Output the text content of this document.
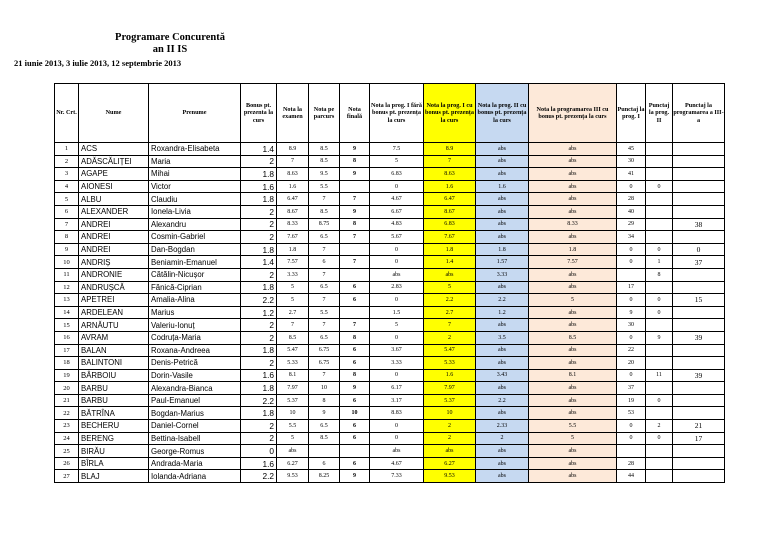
Programare Concurentă
an II IS
21 iunie 2013, 3 iulie 2013, 12 septembrie 2013
Nr. Crt.	Nume	Prenume	Bonus pt. prezenta la curs	Nota la examen	Nota pe parcurs	Nota finală	Nota la prog. I fără bonus pt. prezența la curs	Nota la prog. I cu bonus pt. prezența la curs	Nota la prog. II cu bonus pt. prezența la curs	Nota la programarea III cu bonus pt. prezența la curs	Punctaj la prog. I	Punctaj la prog. II	Punctaj la programarea a III-a
1	ACS	Roxandra-Elisabeta	1.4	8.9	8.5	9	7.5	8.9	abs	abs	45		
2	ADĂSCĂLIȚEI	Maria	2	7	8.5	8	5	7	abs	abs	30		
3	AGAPE	Mihai	1.8	8.63	9.5	9	6.83	8.63	abs	abs	41		
4	AIONESI	Victor	1.6	1.6	5.5		0	1.6	1.6	abs	0	0	
5	ALBU	Claudiu	1.8	6.47	7	7	4.67	6.47	abs	abs	28		
6	ALEXANDER	Ionela-Livia	2	8.67	8.5	9	6.67	8.67	abs	abs	40		
7	ANDREI	Alexandru	2	8.33	8.75	8	4.83	6.83	abs	8.33	29		38
8	ANDREI	Cosmin-Gabriel	2	7.67	6.5	7	5.67	7.67	abs	abs	34		
9	ANDREI	Dan-Bogdan	1.8	1.8	7		0	1.8	1.8	1.8	0	0	0
10	ANDRIȘ	Beniamin-Emanuel	1.4	7.57	6	7	0	1.4	1.57	7.57	0	1	37
11	ANDRONIE	Cătălin-Nicușor	2	3.33	7		abs	abs	3.33	abs		8	
12	ANDRUȘCĂ	Fănică-Ciprian	1.8	5	6.5	6	2.83	5	abs	abs	17		
13	APETREI	Amalia-Alina	2.2	5	7	6	0	2.2	2.2	5	0	0	15
14	ARDELEAN	Marius	1.2	2.7	5.5		1.5	2.7	1.2	abs	9	0	
15	ARNĂUTU	Valeriu-Ionuț	2	7	7	7	5	7	abs	abs	30		
16	AVRAM	Codruța-Maria	2	8.5	6.5	8	0	2	3.5	8.5	0	9	39
17	BALAN	Roxana-Andreea	1.8	5.47	6.75	6	3.67	5.47	abs	abs	22		
18	BALINTONI	Denis-Petrică	2	5.33	6.75	6	3.33	5.33	abs	abs	20		
19	BÂRBOIU	Dorin-Vasile	1.6	8.1	7	8	0	1.6	3.43	8.1	0	11	39
20	BARBU	Alexandra-Bianca	1.8	7.97	10	9	6.17	7.97	abs	abs	37		
21	BARBU	Paul-Emanuel	2.2	5.37	8	6	3.17	5.37	2.2	abs	19	0	
22	BĂTRÎNA	Bogdan-Marius	1.8	10	9	10	8.83	10	abs	abs	53		
23	BECHERU	Daniel-Cornel	2	5.5	6.5	6	0	2	2.33	5.5	0	2	21
24	BERENG	Bettina-Isabell	2	5	8.5	6	0	2	2	5	0	0	17
25	BIRĂU	George-Romus	0	abs			abs	abs	abs	abs			
26	BÎRLA	Andrada-Maria	1.6	6.27	6	6	4.67	6.27	abs	abs	28		
27	BLAJ	Iolanda-Adriana	2.2	9.53	8.25	9	7.33	9.53	abs	abs	44		
